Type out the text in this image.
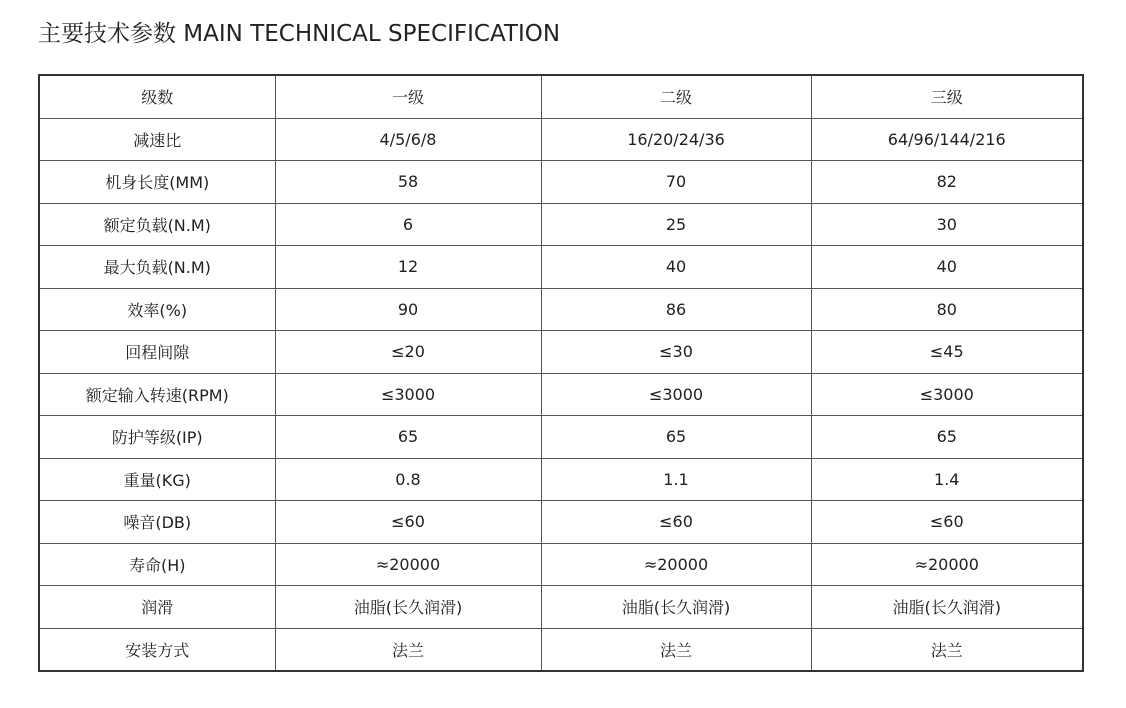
主要技术参数 MAIN TECHNICAL SPECIFICATION
级数	一级	二级	三级
减速比	4/5/6/8	16/20/24/36	64/96/144/216
机身长度(MM)	58	70	82
额定负载(N.M)	6	25	30
最大负载(N.M)	12	40	40
效率(%)	90	86	80
回程间隙	≤20	≤30	≤45
额定输入转速(RPM)	≤3000	≤3000	≤3000
防护等级(IP)	65	65	65
重量(KG)	0.8	1.1	1.4
噪音(DB)	≤60	≤60	≤60
寿命(H)	≈20000	≈20000	≈20000
润滑	油脂(长久润滑)	油脂(长久润滑)	油脂(长久润滑)
安装方式	法兰	法兰	法兰
